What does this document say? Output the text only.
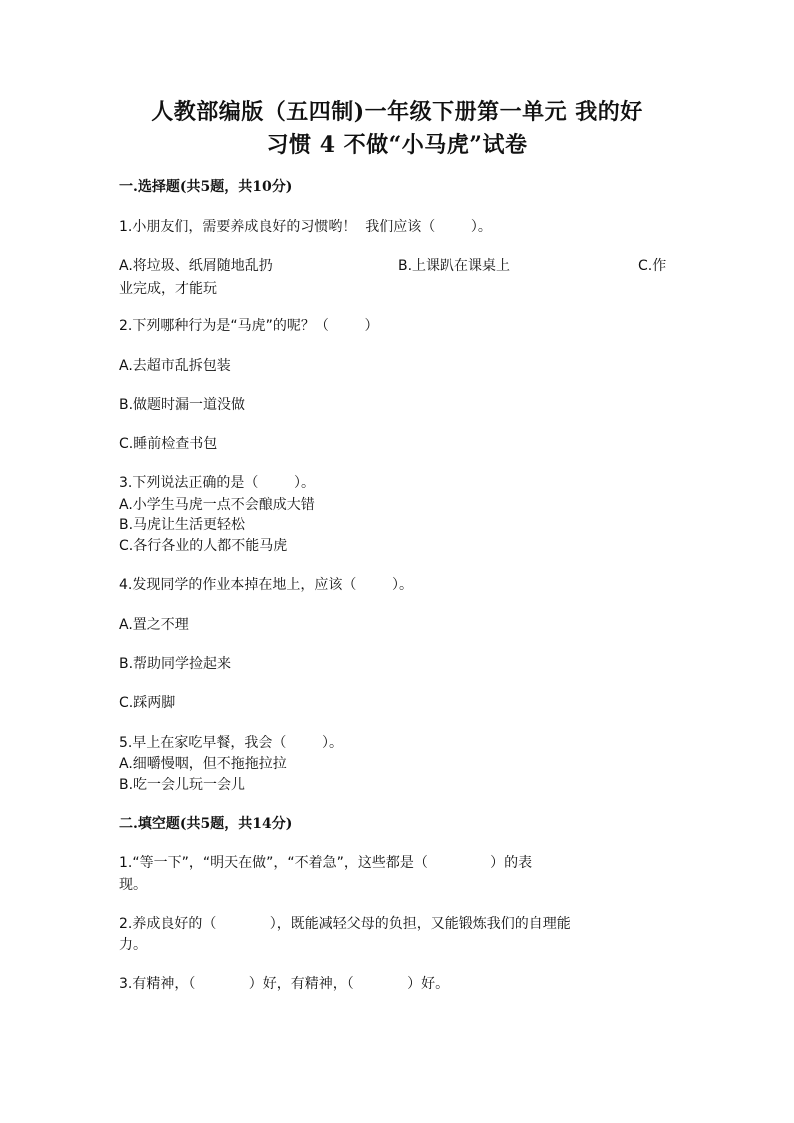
人教部编版（五四制)一年级下册第一单元 我的好
习惯 4 不做“小马虎”试卷
一.选择题(共5题，共10分)
1.小朋友们，需要养成良好的习惯哟！  我们应该（        ）。
A.将垃圾、纸屑随地乱扔	B.上课趴在课桌上	C.作
业完成，才能玩
2.下列哪种行为是“马虎”的呢？（        ）
A.去超市乱拆包装
B.做题时漏一道没做
C.睡前检查书包
3.下列说法正确的是（        ）。
A.小学生马虎一点不会酿成大错
B.马虎让生活更轻松
C.各行各业的人都不能马虎
4.发现同学的作业本掉在地上，应该（        ）。
A.置之不理
B.帮助同学捡起来
C.踩两脚
5.早上在家吃早餐，我会（        ）。
A.细嚼慢咽，但不拖拖拉拉
B.吃一会儿玩一会儿
二.填空题(共5题，共14分)
1.“等一下”，“明天在做”，“不着急”，这些都是（              ）的表
现。
2.养成良好的（            ），既能减轻父母的负担，又能锻炼我们的自理能
力。
3.有精神，（            ）好，有精神，（            ）好。
